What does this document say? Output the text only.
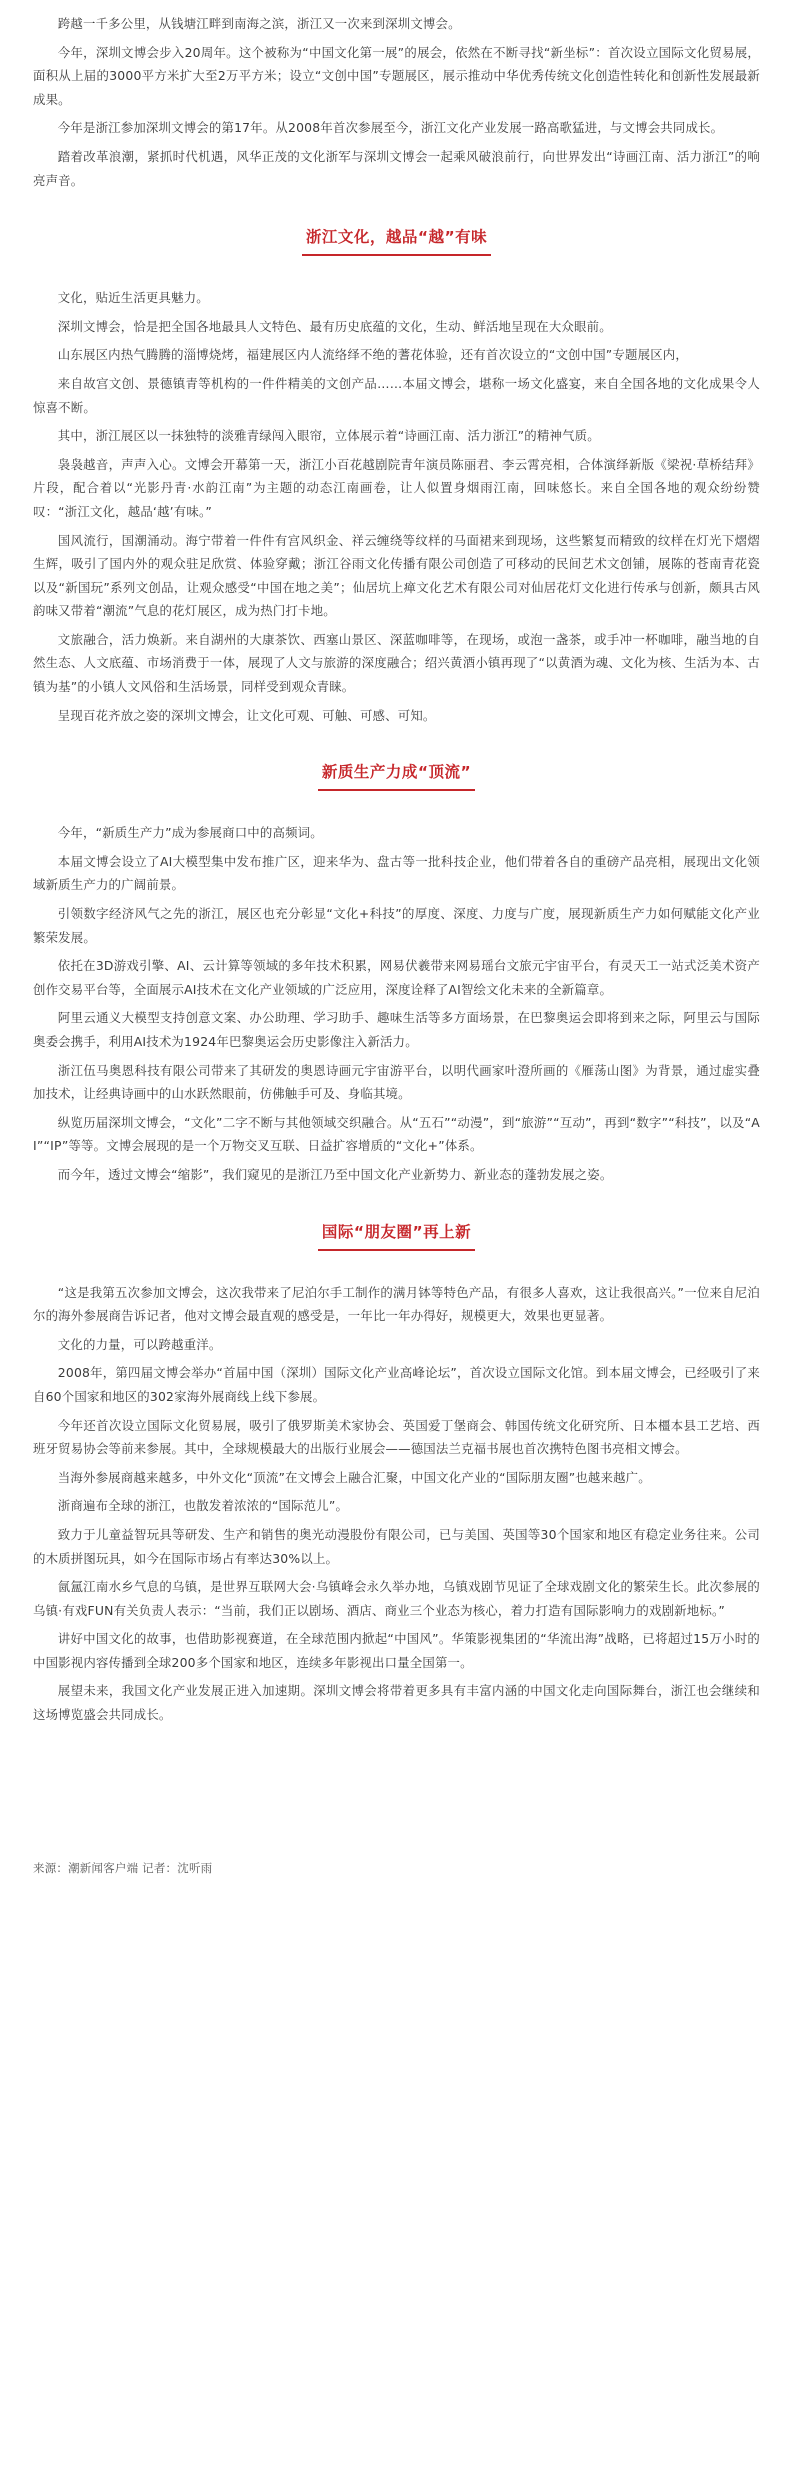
跨越一千多公里，从钱塘江畔到南海之滨，浙江又一次来到深圳文博会。

今年，深圳文博会步入20周年。这个被称为“中国文化第一展”的展会，依然在不断寻找“新坐标”：首次设立国际文化贸易展，面积从上届的3000平方米扩大至2万平方米；设立“文创中国”专题展区，展示推动中华优秀传统文化创造性转化和创新性发展最新成果。

今年是浙江参加深圳文博会的第17年。从2008年首次参展至今，浙江文化产业发展一路高歌猛进，与文博会共同成长。

踏着改革浪潮，紧抓时代机遇，风华正茂的文化浙军与深圳文博会一起乘风破浪前行，向世界发出“诗画江南、活力浙江”的响亮声音。

浙江文化，越品“越”有味

文化，贴近生活更具魅力。

深圳文博会，恰是把全国各地最具人文特色、最有历史底蕴的文化，生动、鲜活地呈现在大众眼前。

山东展区内热气腾腾的淄博烧烤，福建展区内人流络绎不绝的蓍花体验，还有首次设立的“文创中国”专题展区内，

来自故宫文创、景德镇青等机构的一件件精美的文创产品……本届文博会，堪称一场文化盛宴，来自全国各地的文化成果令人惊喜不断。

其中，浙江展区以一抹独特的淡雅青绿闯入眼帘，立体展示着“诗画江南、活力浙江”的精神气质。

袅袅越音，声声入心。文博会开幕第一天，浙江小百花越剧院青年演员陈丽君、李云霄亮相，合体演绎新版《梁祝·草桥结拜》片段，配合着以“光影丹青·水韵江南”为主题的动态江南画卷，让人似置身烟雨江南，回味悠长。来自全国各地的观众纷纷赞叹：“浙江文化，越品‘越’有味。”

国风流行，国潮涌动。海宁带着一件件有宫风织金、祥云缠绕等纹样的马面裙来到现场，这些繁复而精致的纹样在灯光下熠熠生辉，吸引了国内外的观众驻足欣赏、体验穿戴；浙江谷雨文化传播有限公司创造了可移动的民间艺术文创铺，展陈的苍南青花瓷以及“新国玩”系列文创品，让观众感受“中国在地之美”；仙居坑上瘅文化艺术有限公司对仙居花灯文化进行传承与创新，颇具古风韵味又带着“潮流”气息的花灯展区，成为热门打卡地。

文旅融合，活力焕新。来自湖州的大康茶饮、西塞山景区、深蓝咖啡等，在现场，或泡一盏茶，或手冲一杯咖啡，融当地的自然生态、人文底蕴、市场消费于一体，展现了人文与旅游的深度融合；绍兴黄酒小镇再现了“以黄酒为魂、文化为核、生活为本、古镇为基”的小镇人文风俗和生活场景，同样受到观众青睐。

呈现百花齐放之姿的深圳文博会，让文化可观、可触、可感、可知。

新质生产力成“顶流”

今年，“新质生产力”成为参展商口中的高频词。

本届文博会设立了AI大模型集中发布推广区，迎来华为、盘古等一批科技企业，他们带着各自的重磅产品亮相，展现出文化领域新质生产力的广阔前景。

引领数字经济风气之先的浙江，展区也充分彰显“文化+科技”的厚度、深度、力度与广度，展现新质生产力如何赋能文化产业繁荣发展。

依托在3D游戏引擎、AI、云计算等领域的多年技术积累，网易伏羲带来网易瑶台文旅元宇宙平台，有灵天工一站式泛美术资产创作交易平台等，全面展示AI技术在文化产业领域的广泛应用，深度诠释了AI智绘文化未来的全新篇章。

阿里云通义大模型支持创意文案、办公助理、学习助手、趣味生活等多方面场景，在巴黎奥运会即将到来之际，阿里云与国际奥委会携手，利用AI技术为1924年巴黎奥运会历史影像注入新活力。

浙江伍马奥恩科技有限公司带来了其研发的奥恩诗画元宇宙游平台，以明代画家叶澄所画的《雁荡山图》为背景，通过虚实叠加技术，让经典诗画中的山水跃然眼前，仿佛触手可及、身临其境。

纵览历届深圳文博会，“文化”二字不断与其他领域交织融合。从“五石”“动漫”，到“旅游”“互动”，再到“数字”“科技”，以及“AI”“IP”等等。文博会展现的是一个万物交叉互联、日益扩容增质的“文化+”体系。

而今年，透过文博会“缩影”，我们窥见的是浙江乃至中国文化产业新势力、新业态的蓬勃发展之姿。

国际“朋友圈”再上新

“这是我第五次参加文博会，这次我带来了尼泊尔手工制作的满月钵等特色产品，有很多人喜欢，这让我很高兴。”一位来自尼泊尔的海外参展商告诉记者，他对文博会最直观的感受是，一年比一年办得好，规模更大，效果也更显著。

文化的力量，可以跨越重洋。

2008年，第四届文博会举办“首届中国（深圳）国际文化产业高峰论坛”，首次设立国际文化馆。到本届文博会，已经吸引了来自60个国家和地区的302家海外展商线上线下参展。

今年还首次设立国际文化贸易展，吸引了俄罗斯美术家协会、英国爱丁堡商会、韩国传统文化研究所、日本橿本县工艺培、西班牙贸易协会等前来参展。其中，全球规模最大的出版行业展会——德国法兰克福书展也首次携特色图书亮相文博会。

当海外参展商越来越多，中外文化“顶流”在文博会上融合汇聚，中国文化产业的“国际朋友圈”也越来越广。

浙商遍布全球的浙江，也散发着浓浓的“国际范儿”。

致力于儿童益智玩具等研发、生产和销售的奥光动漫股份有限公司，已与美国、英国等30个国家和地区有稳定业务往来。公司的木质拼图玩具，如今在国际市场占有率达30%以上。

氤氲江南水乡气息的乌镇，是世界互联网大会·乌镇峰会永久举办地，乌镇戏剧节见证了全球戏剧文化的繁荣生长。此次参展的乌镇·有戏FUN有关负责人表示：“当前，我们正以剧场、酒店、商业三个业态为核心，着力打造有国际影响力的戏剧新地标。”

讲好中国文化的故事，也借助影视赛道，在全球范围内掀起“中国风”。华策影视集团的“华流出海”战略，已将超过15万小时的中国影视内容传播到全球200多个国家和地区，连续多年影视出口量全国第一。

展望未来，我国文化产业发展正进入加速期。深圳文博会将带着更多具有丰富内涵的中国文化走向国际舞台，浙江也会继续和这场博览盛会共同成长。

来源：潮新闻客户端 记者：沈听雨
